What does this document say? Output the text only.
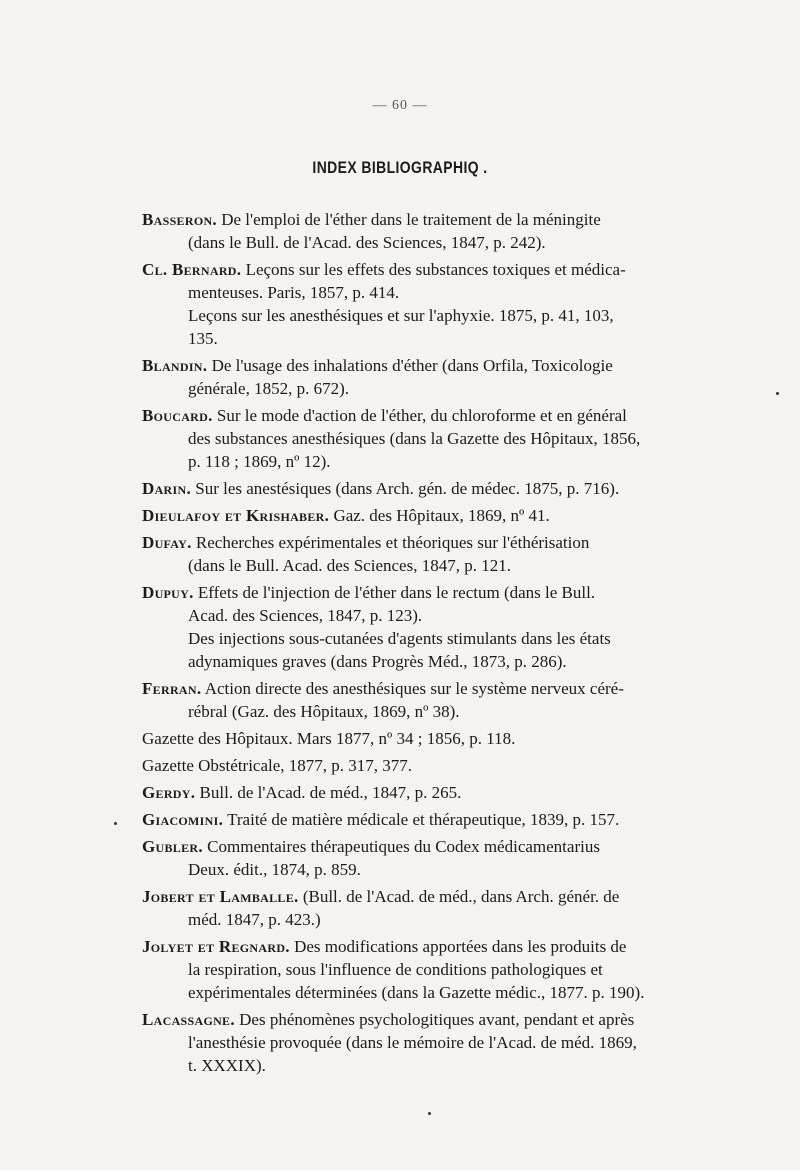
— 60 —
INDEX BIBLIOGRAPHIQ .
Basseron. De l'emploi de l'éther dans le traitement de la méningite
(dans le Bull. de l'Acad. des Sciences, 1847, p. 242).
Cl. Bernard. Leçons sur les effets des substances toxiques et médica-
menteuses. Paris, 1857, p. 414.
Leçons sur les anesthésiques et sur l'aphyxie. 1875, p. 41, 103,
135.
Blandin. De l'usage des inhalations d'éther (dans Orfila, Toxicologie
générale, 1852, p. 672).
Boucard. Sur le mode d'action de l'éther, du chloroforme et en général
des substances anesthésiques (dans la Gazette des Hôpitaux, 1856,
p. 118 ; 1869, nº 12).
Darin. Sur les anestésiques (dans Arch. gén. de médec. 1875, p. 716).
Dieulafoy et Krishaber. Gaz. des Hôpitaux, 1869, nº 41.
Dufay. Recherches expérimentales et théoriques sur l'éthérisation
(dans le Bull. Acad. des Sciences, 1847, p. 121.
Dupuy. Effets de l'injection de l'éther dans le rectum (dans le Bull.
Acad. des Sciences, 1847, p. 123).
Des injections sous-cutanées d'agents stimulants dans les états
adynamiques graves (dans Progrès Méd., 1873, p. 286).
Ferran. Action directe des anesthésiques sur le système nerveux céré-
rébral (Gaz. des Hôpitaux, 1869, nº 38).
Gazette des Hôpitaux. Mars 1877, nº 34 ; 1856, p. 118.
Gazette Obstétricale, 1877, p. 317, 377.
Gerdy. Bull. de l'Acad. de méd., 1847, p. 265.
Giacomini. Traité de matière médicale et thérapeutique, 1839, p. 157.
Gubler. Commentaires thérapeutiques du Codex médicamentarius
Deux. édit., 1874, p. 859.
Jobert et Lamballe. (Bull. de l'Acad. de méd., dans Arch. génér. de
méd. 1847, p. 423.)
Jolyet et Regnard. Des modifications apportées dans les produits de
la respiration, sous l'influence de conditions pathologiques et
expérimentales déterminées (dans la Gazette médic., 1877. p. 190).
Lacassagne. Des phénomènes psychologitiques avant, pendant et après
l'anesthésie provoquée (dans le mémoire de l'Acad. de méd. 1869,
t. XXXIX).
